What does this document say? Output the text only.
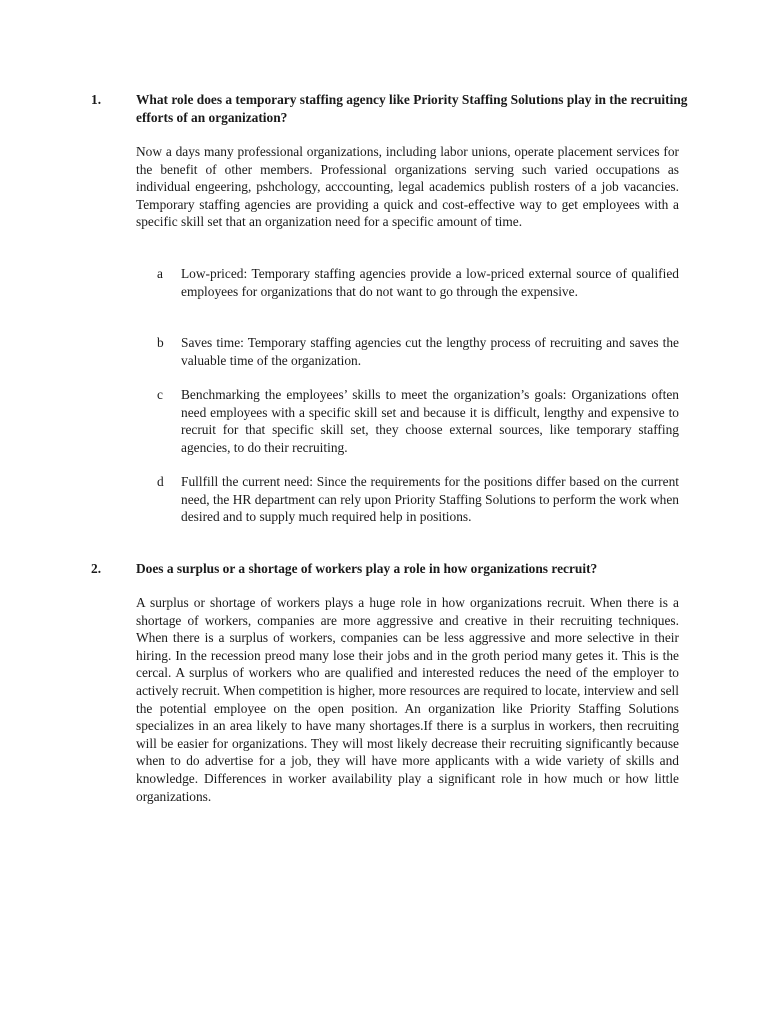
1.	What role does a temporary staffing agency like Priority Staffing Solutions play in the recruiting efforts of an organization?
Now a days many professional organizations, including labor unions, operate placement services for the benefit of other members. Professional organizations serving such varied occupations as individual engeering, pshchology, acccounting, legal academics publish rosters of a job vacancies. Temporary staffing agencies are providing a quick and cost-effective way to get employees with a specific skill set that an organization need for a specific amount of time.
a Low-priced: Temporary staffing agencies provide a low-priced external source of qualified employees for organizations that do not want to go through the expensive.
b Saves time: Temporary staffing agencies cut the lengthy process of recruiting and saves the valuable time of the organization.
c Benchmarking the employees’ skills to meet the organization’s goals: Organizations often need employees with a specific skill set and because it is difficult, lengthy and expensive to recruit for that specific skill set, they choose external sources, like temporary staffing agencies, to do their recruiting.
d Fullfill the current need: Since the requirements for the positions differ based on the current need, the HR department can rely upon Priority Staffing Solutions to perform the work when desired and to supply much required help in positions.
2.	Does a surplus or a shortage of workers play a role in how organizations recruit?
A surplus or shortage of workers plays a huge role in how organizations recruit. When there is a shortage of workers, companies are more aggressive and creative in their recruiting techniques. When there is a surplus of workers, companies can be less aggressive and more selective in their hiring. In the recession preod many lose their jobs and in the groth period many getes it. This is the cercal. A surplus of workers who are qualified and interested reduces the need of the employer to actively recruit. When competition is higher, more resources are required to locate, interview and sell the potential employee on the open position. An organization like Priority Staffing Solutions specializes in an area likely to have many shortages.If there is a surplus in workers, then recruiting will be easier for organizations. They will most likely decrease their recruiting significantly because when to do advertise for a job, they will have more applicants with a wide variety of skills and knowledge. Differences in worker availability play a significant role in how much or how little organizations.
